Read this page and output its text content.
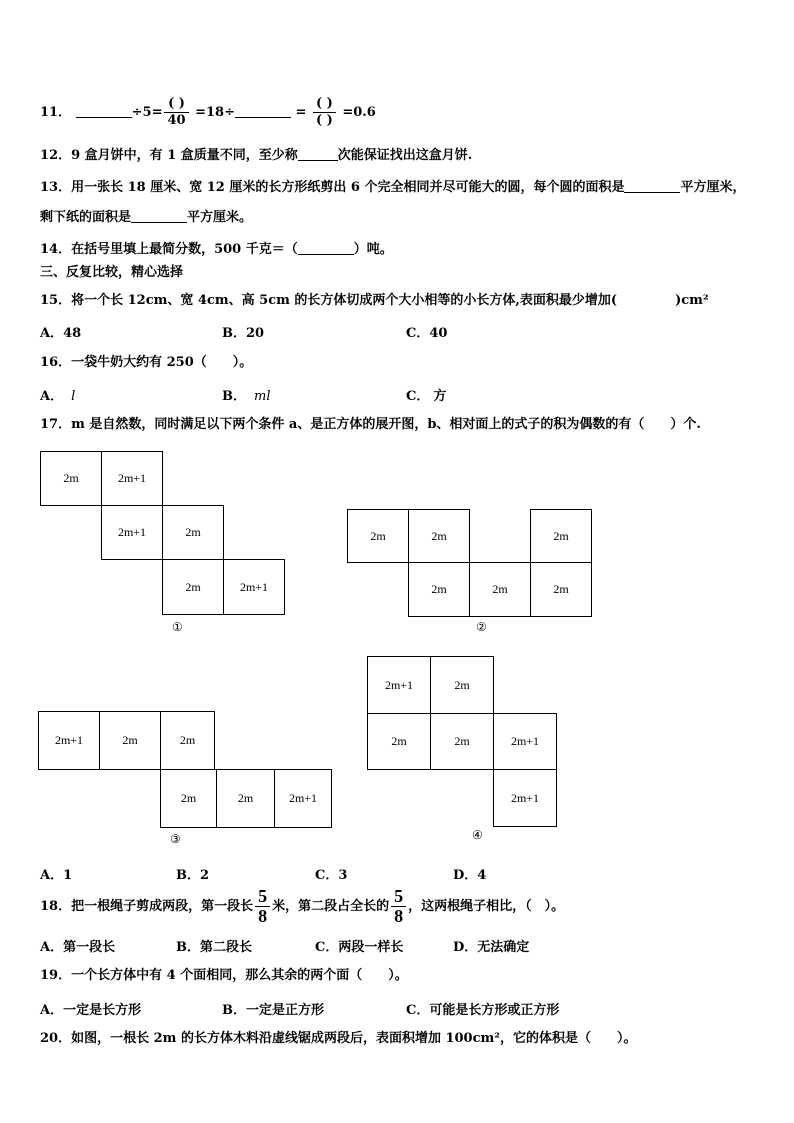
11．	$\div 5= \frac{( )}{40} =18\div$	= $\frac{( )}{( )} =0.6$
12．9 盒月饼中，有 1 盒质量不同，至少称	次能保证找出这盒月饼.
13．用一张长 18 厘米、宽 12 厘米的长方形纸剪出 6 个完全相同并尽可能大的圆，每个圆的面积是	平方厘米，
剩下纸的面积是	平方厘米。
14．在括号里填上最简分数，500 千克＝（	）吨。
三、反复比较，精心选择
15．将一个长 12cm、宽 4cm、高 5cm 的长方体切成两个大小相等的小长方体,表面积最少增加(	)cm²
A．48	B．20	C．40
16．一袋牛奶大约有 250（　　）。
A． l	B． ml	C． 方
17．m 是自然数，同时满足以下两个条件 a、是正方体的展开图，b、相对面上的式子的积为偶数的有（　　）个.
2m	2m+1
2m+1	2m
2m	2m+1
①
2m	2m	2m
2m	2m	2m
②
2m+1	2m	2m
2m	2m	2m+1
③
2m+1	2m
2m	2m	2m+1
2m+1
④
A．1	B．2	C．3	D．4
18．把一根绳子剪成两段，第一段长 $\frac{5}{8}$ 米，第二段占全长的 $\frac{5}{8}$ ，这两根绳子相比，（　）。
A．第一段长	B．第二段长	C．两段一样长	D．无法确定
19．一个长方体中有 4 个面相同，那么其余的两个面（　　）。
A．一定是长方形	B．一定是正方形	C．可能是长方形或正方形
20．如图，一根长 2m 的长方体木料沿虚线锯成两段后，表面积增加 100cm²，它的体积是（　　）。
